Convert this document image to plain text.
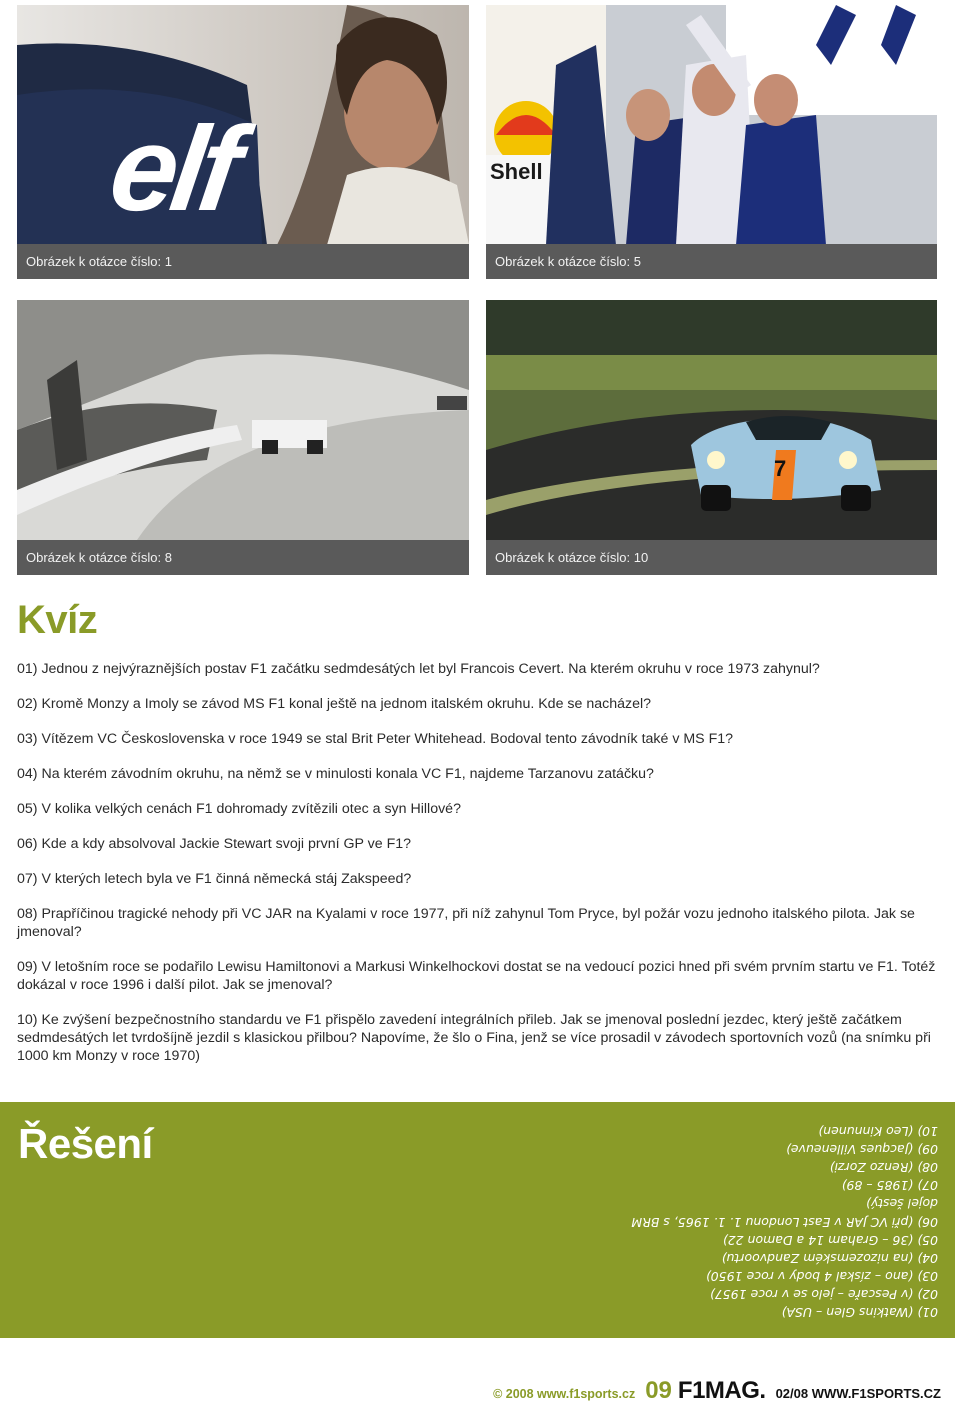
elf
Obrázek k otázce číslo: 1
Shell
Obrázek k otázce číslo: 5
Obrázek k otázce číslo: 8
7
Obrázek k otázce číslo: 10
Kvíz

01) Jednou z nejvýraznějších postav F1 začátku sedmdesátých let byl Francois Cevert. Na kterém okruhu v roce 1973 zahynul?

02) Kromě Monzy a Imoly se závod MS F1 konal ještě na jednom italském okruhu. Kde se nacházel?

03) Vítězem VC Československa v roce 1949 se stal Brit Peter Whitehead. Bodoval tento závodník také v MS F1?

04) Na kterém závodním okruhu, na němž se v minulosti konala VC F1, najdeme Tarzanovu zatáčku?

05) V kolika velkých cenách F1 dohromady zvítězili otec a syn Hillové?

06) Kde a kdy absolvoval Jackie Stewart svoji první GP ve F1?

07) V kterých letech byla ve F1 činná německá stáj Zakspeed?

08) Prapříčinou tragické nehody při VC JAR na Kyalami v roce 1977, při níž zahynul Tom Pryce, byl požár vozu jednoho italského pilota. Jak se jmenoval?

09) V letošním roce se podařilo Lewisu Hamiltonovi a Markusi Winkelhockovi dostat se na vedoucí pozici hned při svém prvním startu ve F1. Totéž dokázal v roce 1996 i další pilot. Jak se jmenoval?

10) Ke zvýšení bezpečnostního standardu ve F1 přispělo zavedení integrálních přileb. Jak se jmenoval poslední jezdec, který ještě začátkem sedmdesátých let tvrdošíjně jezdil s klasickou přilbou? Napovíme, že šlo o Fina, jenž se více prosadil v závodech sportovních vozů (na snímku při 1000 km Monzy v roce 1970)

Řešení
01) (Watkins Glen – USA)
02) (v Pescaře – jelo se v roce 1957)
03) (ano – získal 4 body v roce 1950)
04) (na nizozemském Zandvoortu)
05) (36 – Graham 14 a Damon 22)
06) (při VC JAR v East Londonu 1. 1. 1965, s BRM
dojel šestý)
07) (1985 – 89)
08) (Renzo Zorzi)
09) (Jacques Villeneuve)
10) (Leo Kinnunen)
© 2008 www.f1sports.cz 09 F1MAG. 02/08 WWW.F1SPORTS.CZ
